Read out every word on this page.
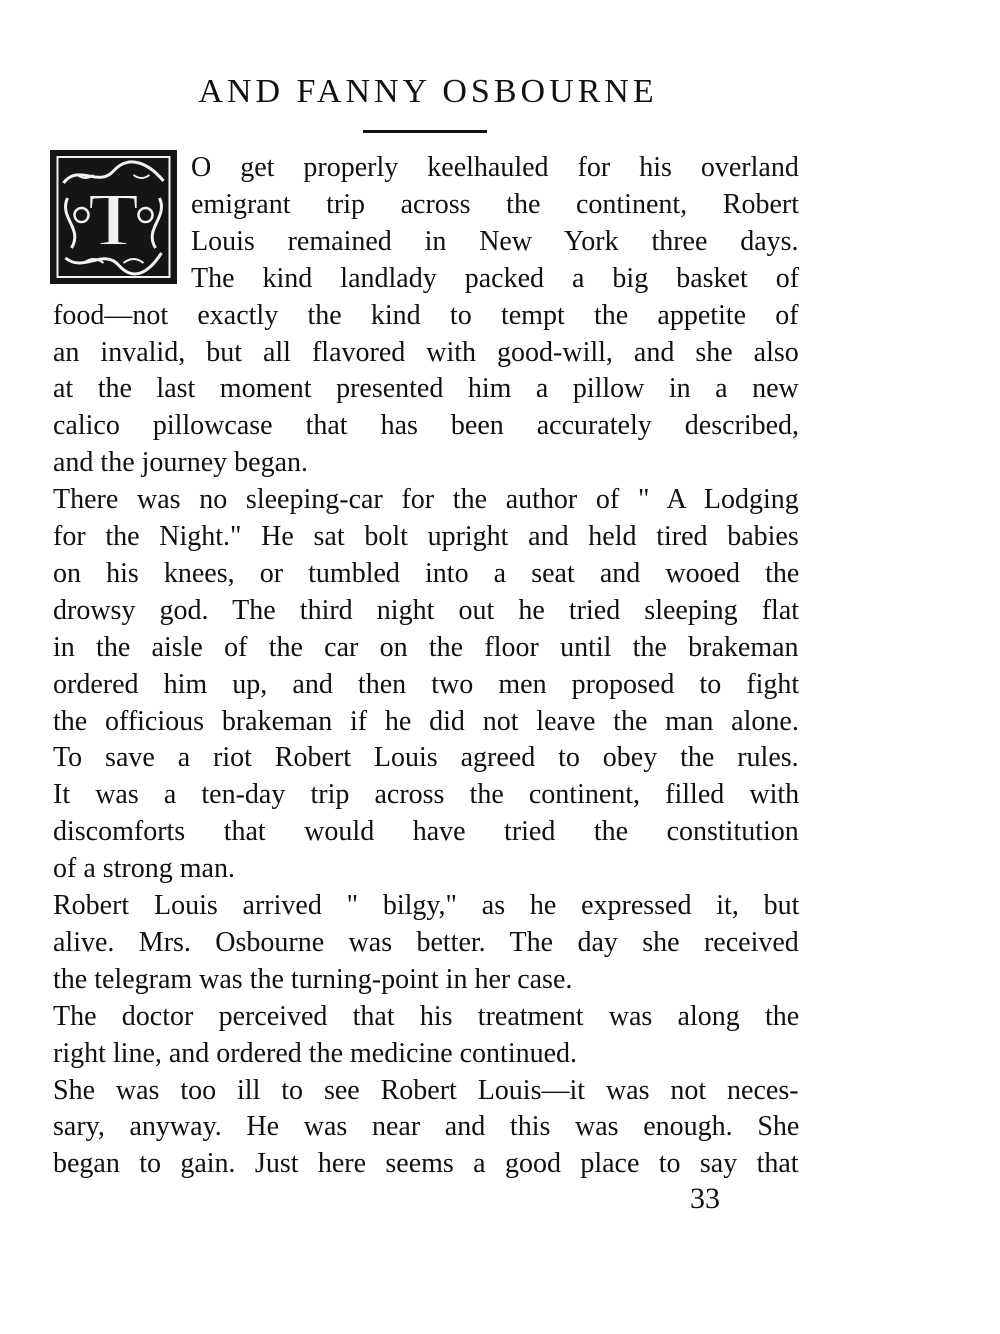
AND FANNY OSBOURNE
T
O get properly keelhauled for his overland
emigrant trip across the continent, Robert
Louis remained in New York three days.
The kind landlady packed a big basket of
food—not exactly the kind to tempt the appetite of
an invalid, but all flavored with good-will, and she also
at the last moment presented him a pillow in a new
calico pillowcase that has been accurately described,
and the journey began.
There was no sleeping-car for the author of " A Lodging
for the Night." He sat bolt upright and held tired babies
on his knees, or tumbled into a seat and wooed the
drowsy god. The third night out he tried sleeping flat
in the aisle of the car on the floor until the brakeman
ordered him up, and then two men proposed to fight
the officious brakeman if he did not leave the man alone.
To save a riot Robert Louis agreed to obey the rules.
It was a ten-day trip across the continent, filled with
discomforts that would have tried the constitution
of a strong man.
Robert Louis arrived " bilgy," as he expressed it, but
alive. Mrs. Osbourne was better. The day she received
the telegram was the turning-point in her case.
The doctor perceived that his treatment was along the
right line, and ordered the medicine continued.
She was too ill to see Robert Louis—it was not neces-
sary, anyway. He was near and this was enough. She
began to gain. Just here seems a good place to say that
33
